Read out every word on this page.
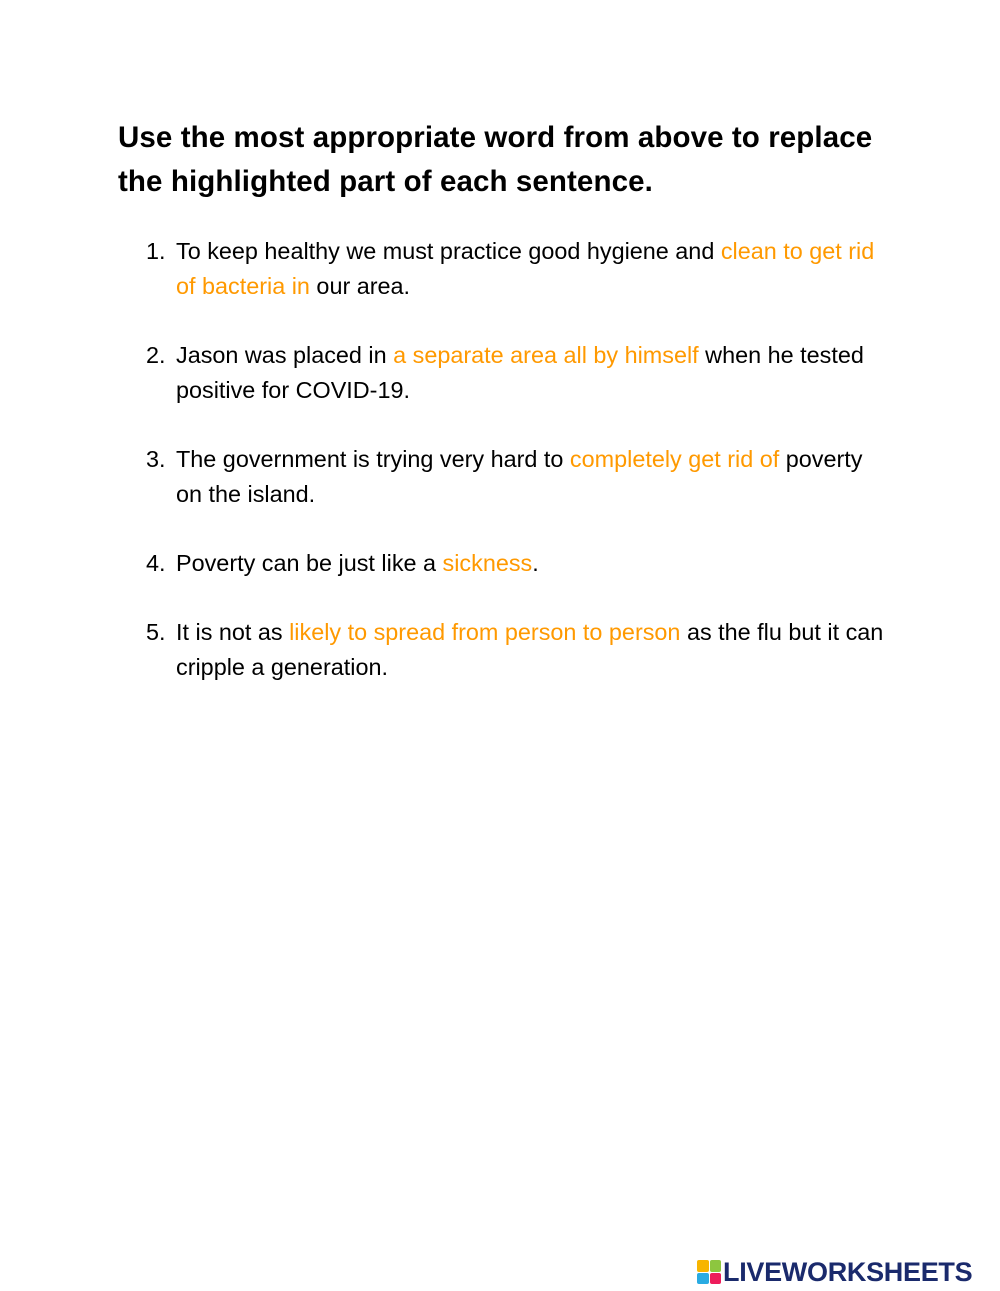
Use the most appropriate word from above to replace the highlighted part of each sentence.
1. To keep healthy we must practice good hygiene and clean to get rid of bacteria in our area.
2. Jason was placed in a separate area all by himself when he tested positive for COVID-19.
3. The government is trying very hard to completely get rid of poverty on the island.
4. Poverty can be just like a sickness.
5. It is not as likely to spread from person to person as the flu but it can cripple a generation.
LIVEWORKSHEETS
